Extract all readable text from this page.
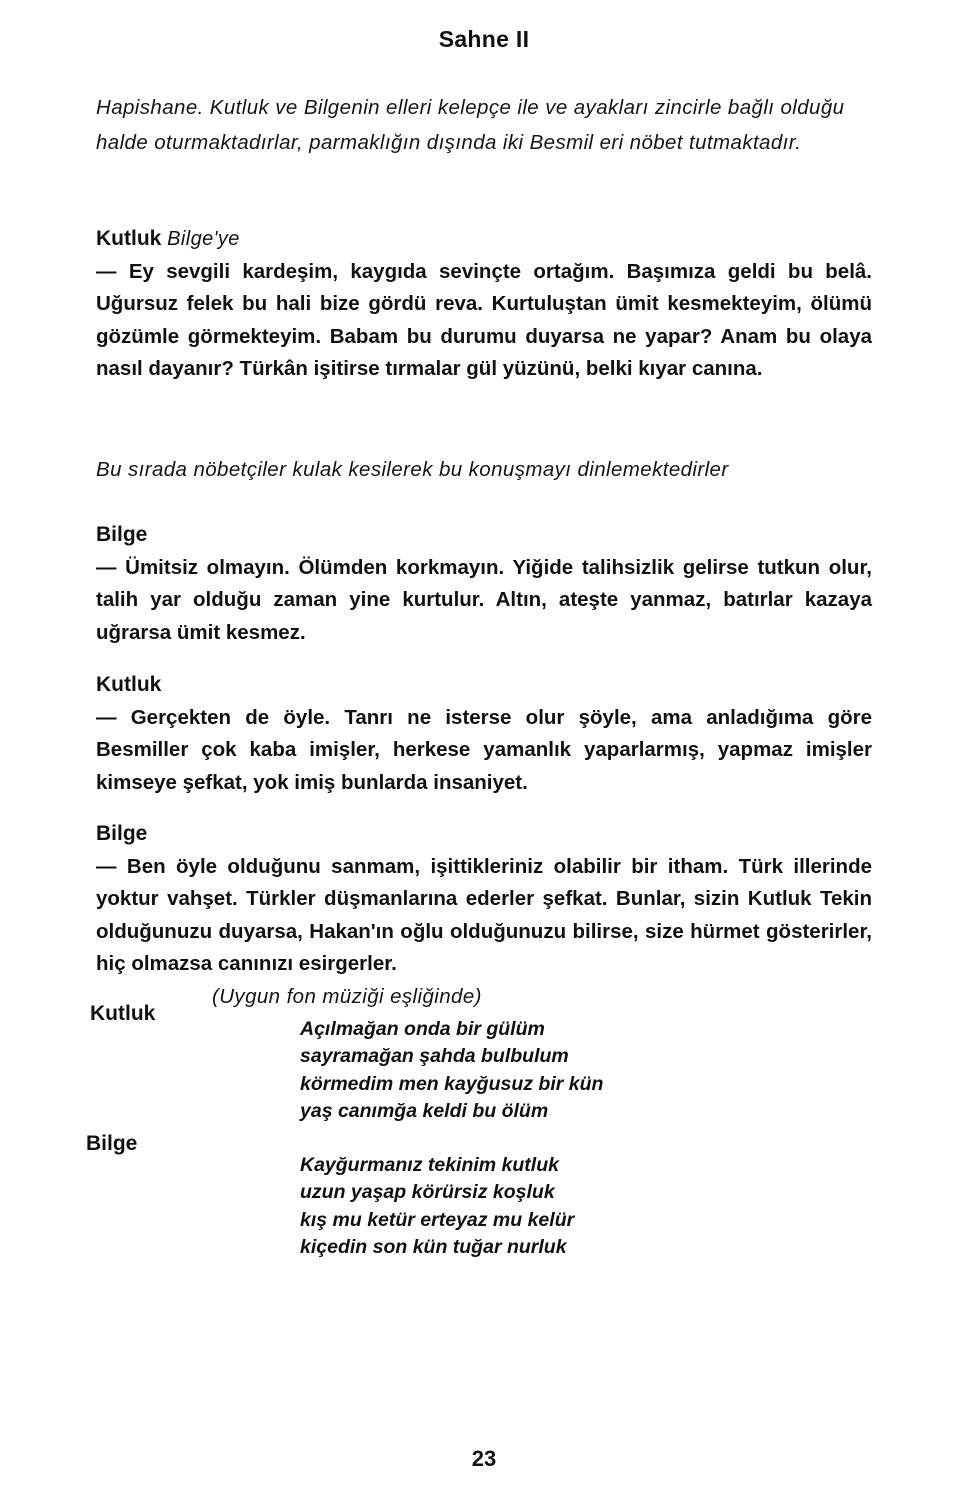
Sahne II
Hapishane. Kutluk ve Bilgenin elleri kelepçe ile ve ayakları zincirle bağlı olduğu halde oturmaktadırlar, parmaklığın dışında iki Besmil eri nöbet tutmaktadır.
Kutluk Bilge'ye
— Ey sevgili kardeşim, kaygıda sevinçte ortağım. Başımıza geldi bu belâ. Uğursuz felek bu hali bize gördü reva. Kurtuluştan ümit kesmekteyim, ölümü gözümle görmekteyim. Babam bu durumu duyarsa ne yapar? Anam bu olaya nasıl dayanır? Türkân işitirse tırmalar gül yüzünü, belki kıyar canına.
Bu sırada nöbetçiler kulak kesilerek bu konuşmayı dinlemektedirler
Bilge
— Ümitsiz olmayın. Ölümden korkmayın. Yiğide talihsizlik gelirse tutkun olur, talih yar olduğu zaman yine kurtulur. Altın, ateşte yanmaz, batırlar kazaya uğrarsa ümit kesmez.
Kutluk
— Gerçekten de öyle. Tanrı ne isterse olur şöyle, ama anladığıma göre Besmiller çok kaba imişler, herkese yamanlık yaparlarmış, yapmaz imişler kimseye şefkat, yok imiş bunlarda insaniyet.
Bilge
— Ben öyle olduğunu sanmam, işittikleriniz olabilir bir itham. Türk illerinde yoktur vahşet. Türkler düşmanlarına ederler şefkat. Bunlar, sizin Kutluk Tekin olduğunuzu duyarsa, Hakan'ın oğlu olduğunuzu bilirse, size hürmet gösterirler, hiç olmazsa canınızı esirgerler.
(Uygun fon müziği eşliğinde)
Kutluk
Açılmağan onda bir gülüm
sayramağan şahda bulbulum
körmedim men kayğusuz bir kün
yaş canımğa keldi bu ölüm
Bilge
Kayğurmanız tekinim kutluk
uzun yaşap körürsiz koşluk
kış mu ketür erteyaz mu kelür
kiçedin son kün tuğar nurluk
23
